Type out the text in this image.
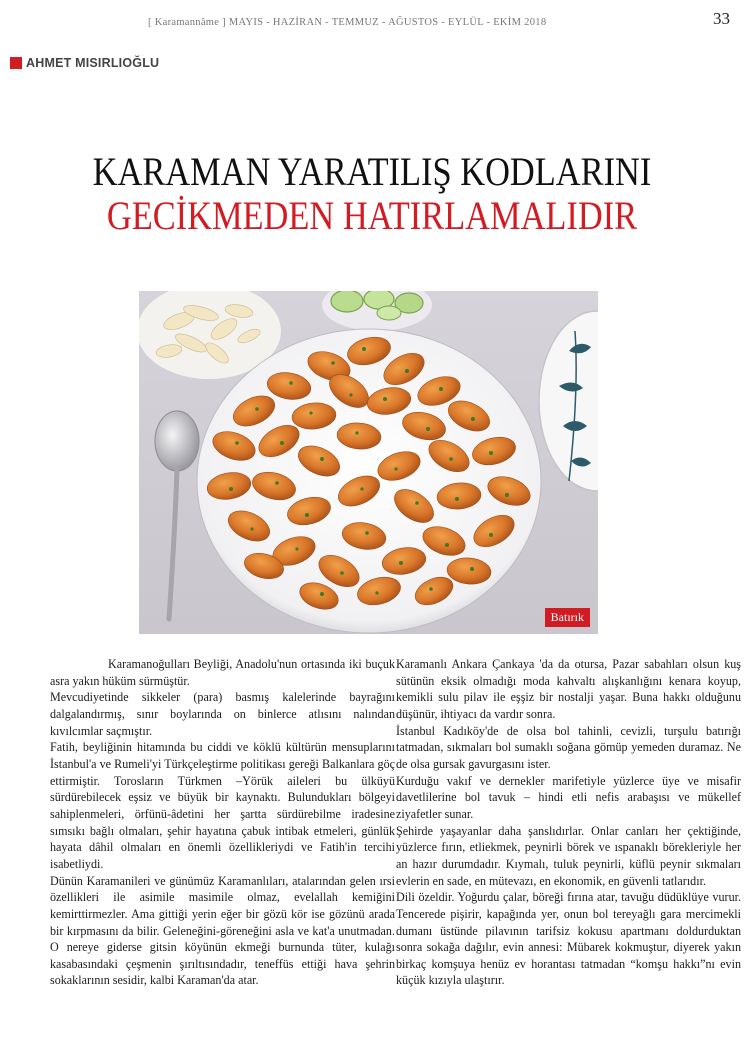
[ Karamannâme ] MAYIS - HAZİRAN - TEMMUZ - AĞUSTOS - EYLÜL - EKİM 2018	33
AHMET MISIRLIOĞLU
KARAMAN YARATILIŞ KODLARINI
GECİKMEDEN HATIRLAMALIDIR
Batırık

Karamanoğulları Beyliği, Anadolu'nun ortasında iki buçuk asra yakın hüküm sürmüştür.

Mevcudiyetinde sikkeler (para) basmış kalelerinde bayrağını dalgalandırmış, sınır boylarında on binlerce atlısını nalından kıvılcımlar saçmıştır.

Fatih, beyliğinin hitamında bu ciddi ve köklü kültürün mensuplarını İstanbul'a ve Rumeli'yi Türkçeleştirme politikası gereği Balkanlara göç ettirmiştir. Torosların Türkmen –Yörük aileleri bu ülküyü sürdürebilecek eşsiz ve büyük bir kaynaktı. Bulundukları bölgeyi sahiplenmeleri, örfünü-âdetini her şartta sürdürebilme iradesine sımsıkı bağlı olmaları, şehir hayatına çabuk intibak etmeleri, günlük hayata dâhil olmaları en önemli özellikleriydi ve Fatih'in tercihi isabetliydi.

Dünün Karamanileri ve günümüz Karamanlıları, atalarından gelen ırsi özellikleri ile asimile masimile olmaz, evelallah kemiğini kemirttirmezler. Ama gittiği yerin eğer bir gözü kör ise gözünü arada bir kırpmasını da bilir. Geleneğini-göreneğini asla ve kat'a unutmadan. O nereye giderse gitsin köyünün ekmeği burnunda tüter, kulağı kasabasındaki çeşmenin şırıltısındadır, teneffüs ettiği hava şehrin sokaklarının sesidir, kalbi Karaman'da atar.

Karamanlı Ankara Çankaya 'da da otursa, Pazar sabahları olsun kuş sütünün eksik olmadığı moda kahvaltı alışkanlığını kenara koyup, kemikli sulu pilav ile eşşiz bir nostalji yaşar. Buna hakkı olduğunu düşünür, ihtiyacı da vardır sonra.

İstanbul Kadıköy'de de olsa bol tahinli, cevizli, turşulu batırığı tatmadan, sıkmaları bol sumaklı soğana gömüp yemeden duramaz. Ne de olsa gursak gavurgasını ister.

Kurduğu vakıf ve dernekler marifetiyle yüzlerce üye ve misafir davetlilerine bol tavuk – hindi etli nefis arabaşısı ve mükellef ziyafetler sunar.

Şehirde yaşayanlar daha şanslıdırlar. Onlar canları her çektiğinde, yüzlerce fırın, etliekmek, peynirli börek ve ıspanaklı börekleriyle her an hazır durumdadır. Kıymalı, tuluk peynirli, küflü peynir sıkmaları evlerin en sade, en mütevazı, en ekonomik, en güvenli tatlarıdır.

Dili özeldir. Yoğurdu çalar, böreği fırına atar, tavuğu düdüklüye vurur. Tencerede pişirir, kapağında yer, onun bol tereyağlı gara mercimekli dumanı üstünde pilavının tarifsiz kokusu apartmanı doldurduktan sonra sokağa dağılır, evin annesi: Mübarek kokmuştur, diyerek yakın birkaç komşuya henüz ev horantası tatmadan “komşu hakkı”nı evin küçük kızıyla ulaştırır.
